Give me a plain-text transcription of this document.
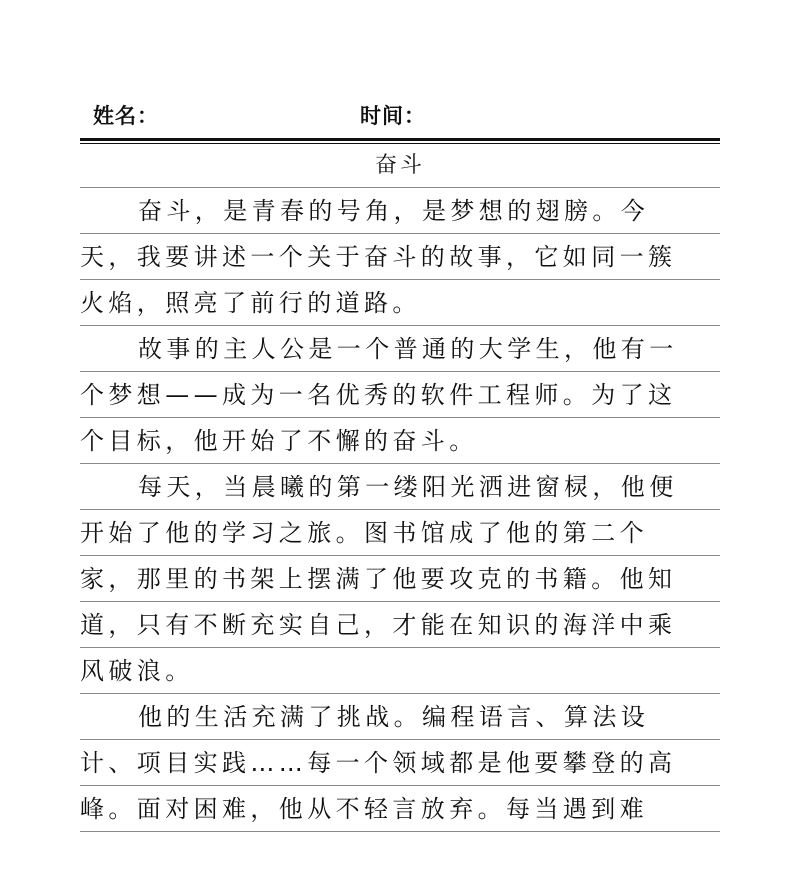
姓名：	时间：
奋斗
奋斗，是青春的号角，是梦想的翅膀。今
天，我要讲述一个关于奋斗的故事，它如同一簇
火焰，照亮了前行的道路。
故事的主人公是一个普通的大学生，他有一
个梦想——成为一名优秀的软件工程师。为了这
个目标，他开始了不懈的奋斗。
每天，当晨曦的第一缕阳光洒进窗棂，他便
开始了他的学习之旅。图书馆成了他的第二个
家，那里的书架上摆满了他要攻克的书籍。他知
道，只有不断充实自己，才能在知识的海洋中乘
风破浪。
他的生活充满了挑战。编程语言、算法设
计、项目实践……每一个领域都是他要攀登的高
峰。面对困难，他从不轻言放弃。每当遇到难
